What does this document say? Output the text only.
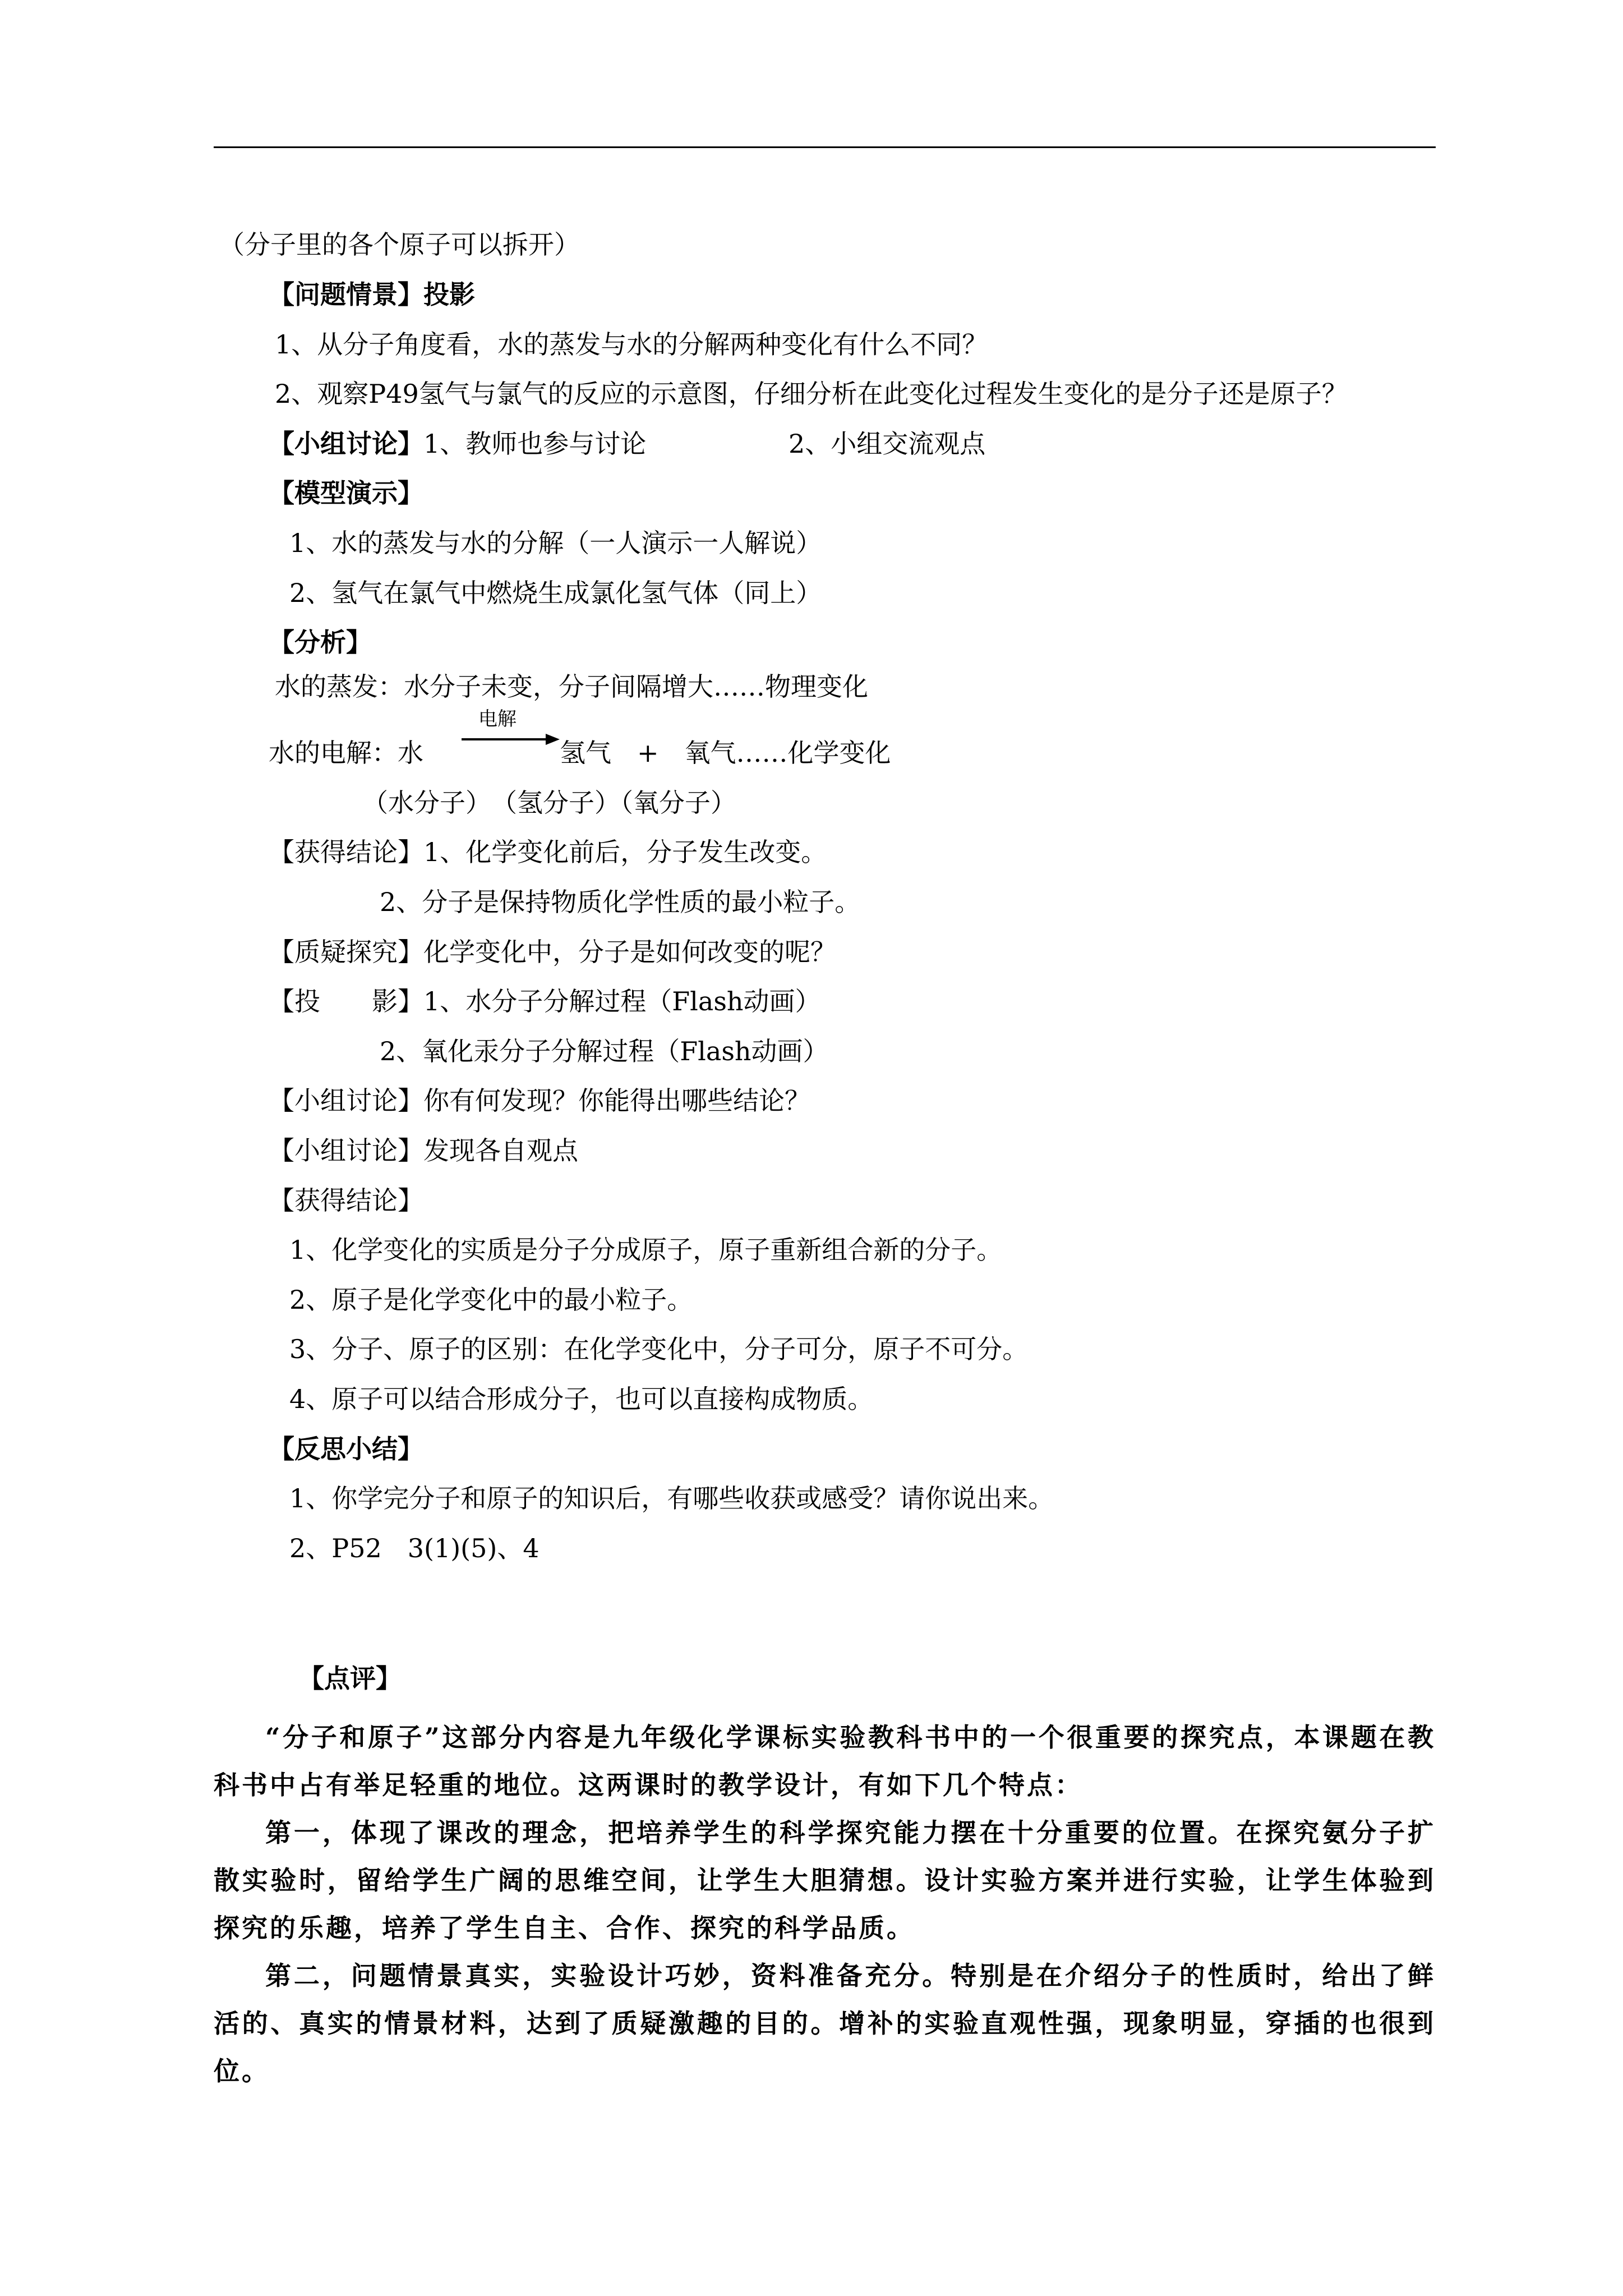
（分子里的各个原子可以拆开）

【问题情景】投影

1、从分子角度看，水的蒸发与水的分解两种变化有什么不同？

2、观察P49氢气与氯气的反应的示意图，仔细分析在此变化过程发生变化的是分子还是原子？

【小组讨论】1、教师也参与讨论	2、小组交流观点

【模型演示】

1、水的蒸发与水的分解（一人演示一人解说）

2、氢气在氯气中燃烧生成氯化氢气体（同上）

【分析】

水的蒸发：水分子未变，分子间隔增大……物理变化

水的电解：水

电解

氢气　+　氧气……化学变化

（水分子）　（氢分子）（氧分子）

【获得结论】1、化学变化前后，分子发生改变。

2、分子是保持物质化学性质的最小粒子。

【质疑探究】化学变化中，分子是如何改变的呢？

【投　　影】1、水分子分解过程（Flash动画）

2、氧化汞分子分解过程（Flash动画）

【小组讨论】你有何发现？你能得出哪些结论？

【小组讨论】发现各自观点

【获得结论】

1、化学变化的实质是分子分成原子，原子重新组合新的分子。

2、原子是化学变化中的最小粒子。

3、分子、原子的区别：在化学变化中，分子可分，原子不可分。

4、原子可以结合形成分子，也可以直接构成物质。

【反思小结】

1、你学完分子和原子的知识后，有哪些收获或感受？请你说出来。

2、P52　3(1)(5)、4

【点评】

“分子和原子”这部分内容是九年级化学课标实验教科书中的一个很重要的探究点，本课题在教科书中占有举足轻重的地位。这两课时的教学设计，有如下几个特点：

第一，体现了课改的理念，把培养学生的科学探究能力摆在十分重要的位置。在探究氨分子扩散实验时，留给学生广阔的思维空间，让学生大胆猜想。设计实验方案并进行实验，让学生体验到探究的乐趣，培养了学生自主、合作、探究的科学品质。

第二，问题情景真实，实验设计巧妙，资料准备充分。特别是在介绍分子的性质时，给出了鲜活的、真实的情景材料，达到了质疑激趣的目的。增补的实验直观性强，现象明显，穿插的也很到位。
